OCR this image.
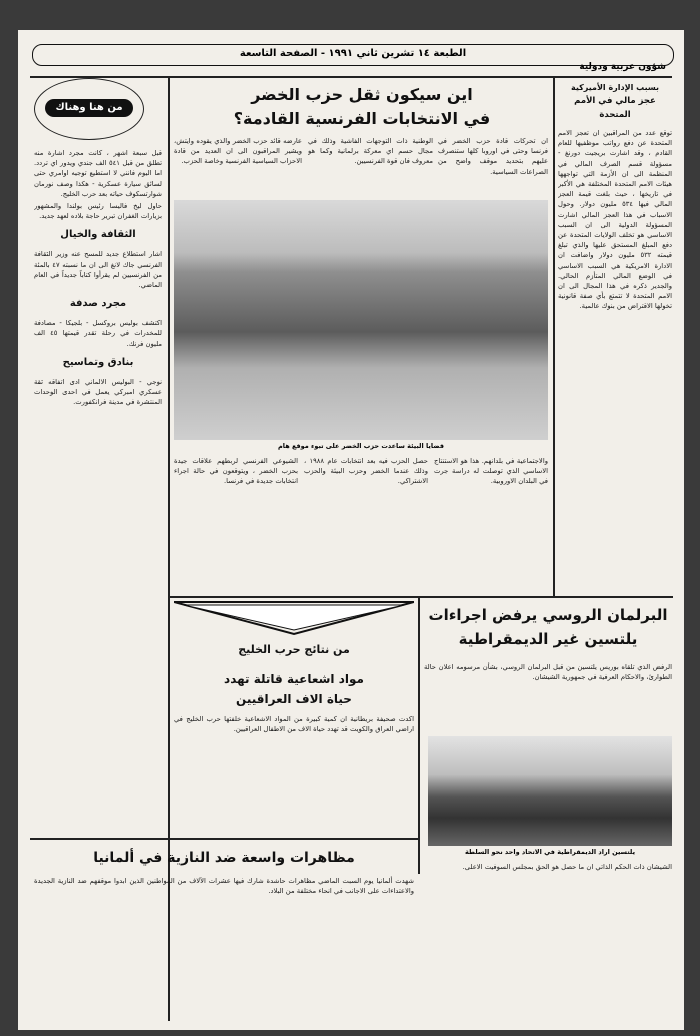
الطبعة ١٤ تشرين ثاني ١٩٩١ - الصفحة التاسعة
شؤون عربية ودولية
بسبب الإدارة الأميركية
عجز مالي في الأمم المتحدة

توقع عدد من المراقبين ان تعجز الامم المتحدة عن دفع رواتب موظفيها للعام القادم ، وقد اشارت بريجيت دورنغ - مسؤولة قسم الصرف المالي في المنظمة الى ان الأزمة التي تواجهها هيئات الامم المتحدة المختلفة هي الأكبر في تاريخها ، حيث بلغت قيمة العجز المالي فيها ٥٣٤ مليون دولار. وحول الاسباب في هذا العجز المالي اشارت المسؤولة الدولية الى ان السبب الاساسي هو تخلف الولايات المتحدة عن دفع المبلغ المستحق عليها والذي تبلغ قيمته ٥٣٢ مليون دولار واضافت ان الادارة الامريكية هي السبب الاساسي في الوضع المالي المتأزم الحالي. والجدير ذكره في هذا المجال الى ان الامم المتحدة لا تتمتع بأي صفة قانونية تخولها الاقتراض من بنوك عالمية.

من هنا وهناك

قبل سبعة اشهر ، كانت مجرد اشارة منه تطلق من قبل ٥٤١ الف جندي ويدور اي تردد. اما اليوم فانني لا استطيع توجيه اوامري حتى لسائق سيارة عسكرية - هكذا وصف نورمان شوارتسكوف حياته بعد حرب الخليج.

حاول ليخ فاليسا رئيس بولندا والمشهور بزيارات الغفران تبرير حاجة بلاده لعهد جديد.

الثقافة والخيال

اشار استطلاع جديد للمسح عنه وزير الثقافة الفرنسي جاك لانغ الى ان ما نسبته ٤٧ بالمئة من الفرنسيين لم يقرأوا كتاباً جديداً في العام الماضي.

مجرد صدفة

اكتشف بوليس بروكسل - بلجيكا - مصادفة للمخدرات في رحلة تقدر قيمتها ٤٥ الف مليون فرنك.

بنادق وتماسيح

نوجي - البوليس الالماني ادى اتفاقه ثقة عسكري امبركي يعمل في احدى الوحدات المنتشرة في مدينة فرانكفورت.

اين سيكون ثقل حزب الخضر
في الانتخابات الفرنسية القادمة؟
ان تحركات قادة حزب الخضر في فرنسا وحتى في اوروبا كلها ستنصرف عليهم بتحديد موقف واضح من الصراعات السياسية.
الوطنية ذات التوجهات الفاشية وذلك في مجال حسم اي معركة برلمانية وكما هو معروف فان قوة الفرنسيين.
عارضه قائد حزب الخضر والذي يقوده وايتش، ويشير المراقبون الى ان العديد من قادة الاحزاب السياسية الفرنسية وخاصة الحزب.
قضايا البيئة ساعدت حزب الخضر على تبوء موقع هام
والاجتماعية في بلدانهم. هذا هو الاستنتاج الاساسي الذي توصلت له دراسة جرت في البلدان الاوروبية.
حصل الحزب فيه بعد انتخابات عام ١٩٨٨ ، وذلك عندما الخضر وحزب البيئة والحزب الاشتراكي.
الشيوعي الفرنسي لربطهم علاقات جيدة بحزب الخضر ، ويتوقعون في حالة اجراء انتخابات جديدة في فرنسا.
من نتائج حرب الخليج
مواد اشعاعية قاتلة تهدد
حياة الاف العراقيين
اكدت صحيفة بريطانية ان كمية كبيرة من المواد الاشعاعية خلفتها حرب الخليج في اراضي العراق والكويت قد تهدد حياة الاف من الاطفال العراقيين.
البرلمان الروسي يرفض اجراءات
يلتسين غير الديمقراطية
الرفض الذي تلقاه بوريس يلتسين من قبل البرلمان الروسي، بشأن مرسومه اعلان حالة الطوارئ، والاحكام العرفية في جمهورية الشيشان.
يلتسين اراد الديمقراطية في الاتحاد واحد نحو السلطة
الشيشان ذات الحكم الذاتي ان ما حصل هو الحق بمجلس السوفيت الاعلى.
مظاهرات واسعة ضد النازية في ألمانيا
شهدت ألمانيا يوم السبت الماضي مظاهرات حاشدة شارك فيها عشرات الآلاف من المواطنين الذين ابدوا موقفهم ضد النازية الجديدة والاعتداءات على الاجانب في انحاء مختلفة من البلاد.
